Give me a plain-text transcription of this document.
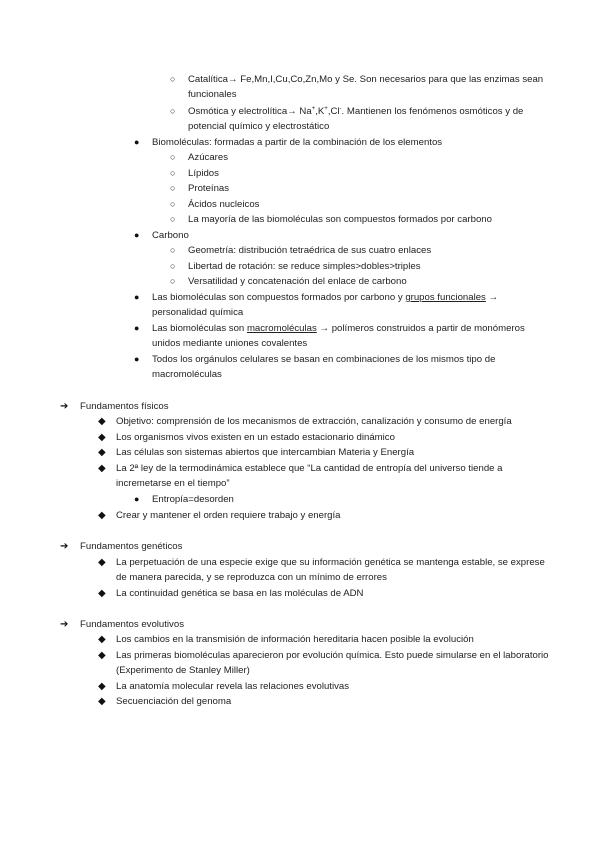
○ Catalítica→ Fe,Mn,I,Cu,Co,Zn,Mo y Se. Son necesarios para que las enzimas sean
funcionales
○ Osmótica y electrolítica→ Na+,K+,Cl-. Mantienen los fenómenos osmóticos y de
potencial químico y electrostático
● Biomoléculas: formadas a partir de la combinación de los elementos
○ Azúcares
○ Lípidos
○ Proteínas
○ Ácidos nucleicos
○ La mayoría de las biomoléculas son compuestos formados por carbono
● Carbono
○ Geometría: distribución tetraédrica de sus cuatro enlaces
○ Libertad de rotación: se reduce simples>dobles>triples
○ Versatilidad y concatenación del enlace de carbono
● Las biomoléculas son compuestos formados por carbono y grupos funcionales →
personalidad química
● Las biomoléculas son macromoléculas → polímeros construidos a partir de monómeros
unidos mediante uniones covalentes
● Todos los orgánulos celulares se basan en combinaciones de los mismos tipo de
macromoléculas
➔ Fundamentos físicos
◆ Objetivo: comprensión de los mecanismos de extracción, canalización y consumo de energía
◆ Los organismos vivos existen en un estado estacionario dinámico
◆ Las células son sistemas abiertos que intercambian Materia y Energía
◆ La 2ª ley de la termodinámica establece que “La cantidad de entropía del universo tiende a
incremetarse en el tiempo”
● Entropía=desorden
◆ Crear y mantener el orden requiere trabajo y energía
➔ Fundamentos genéticos
◆ La perpetuación de una especie exige que su información genética se mantenga estable, se exprese
de manera parecida, y se reproduzca con un mínimo de errores
◆ La continuidad genética se basa en las moléculas de ADN
➔ Fundamentos evolutivos
◆ Los cambios en la transmisión de información hereditaria hacen posible la evolución
◆ Las primeras biomoléculas aparecieron por evolución química. Esto puede simularse en el laboratorio
(Experimento de Stanley Miller)
◆ La anatomía molecular revela las relaciones evolutivas
◆ Secuenciación del genoma
